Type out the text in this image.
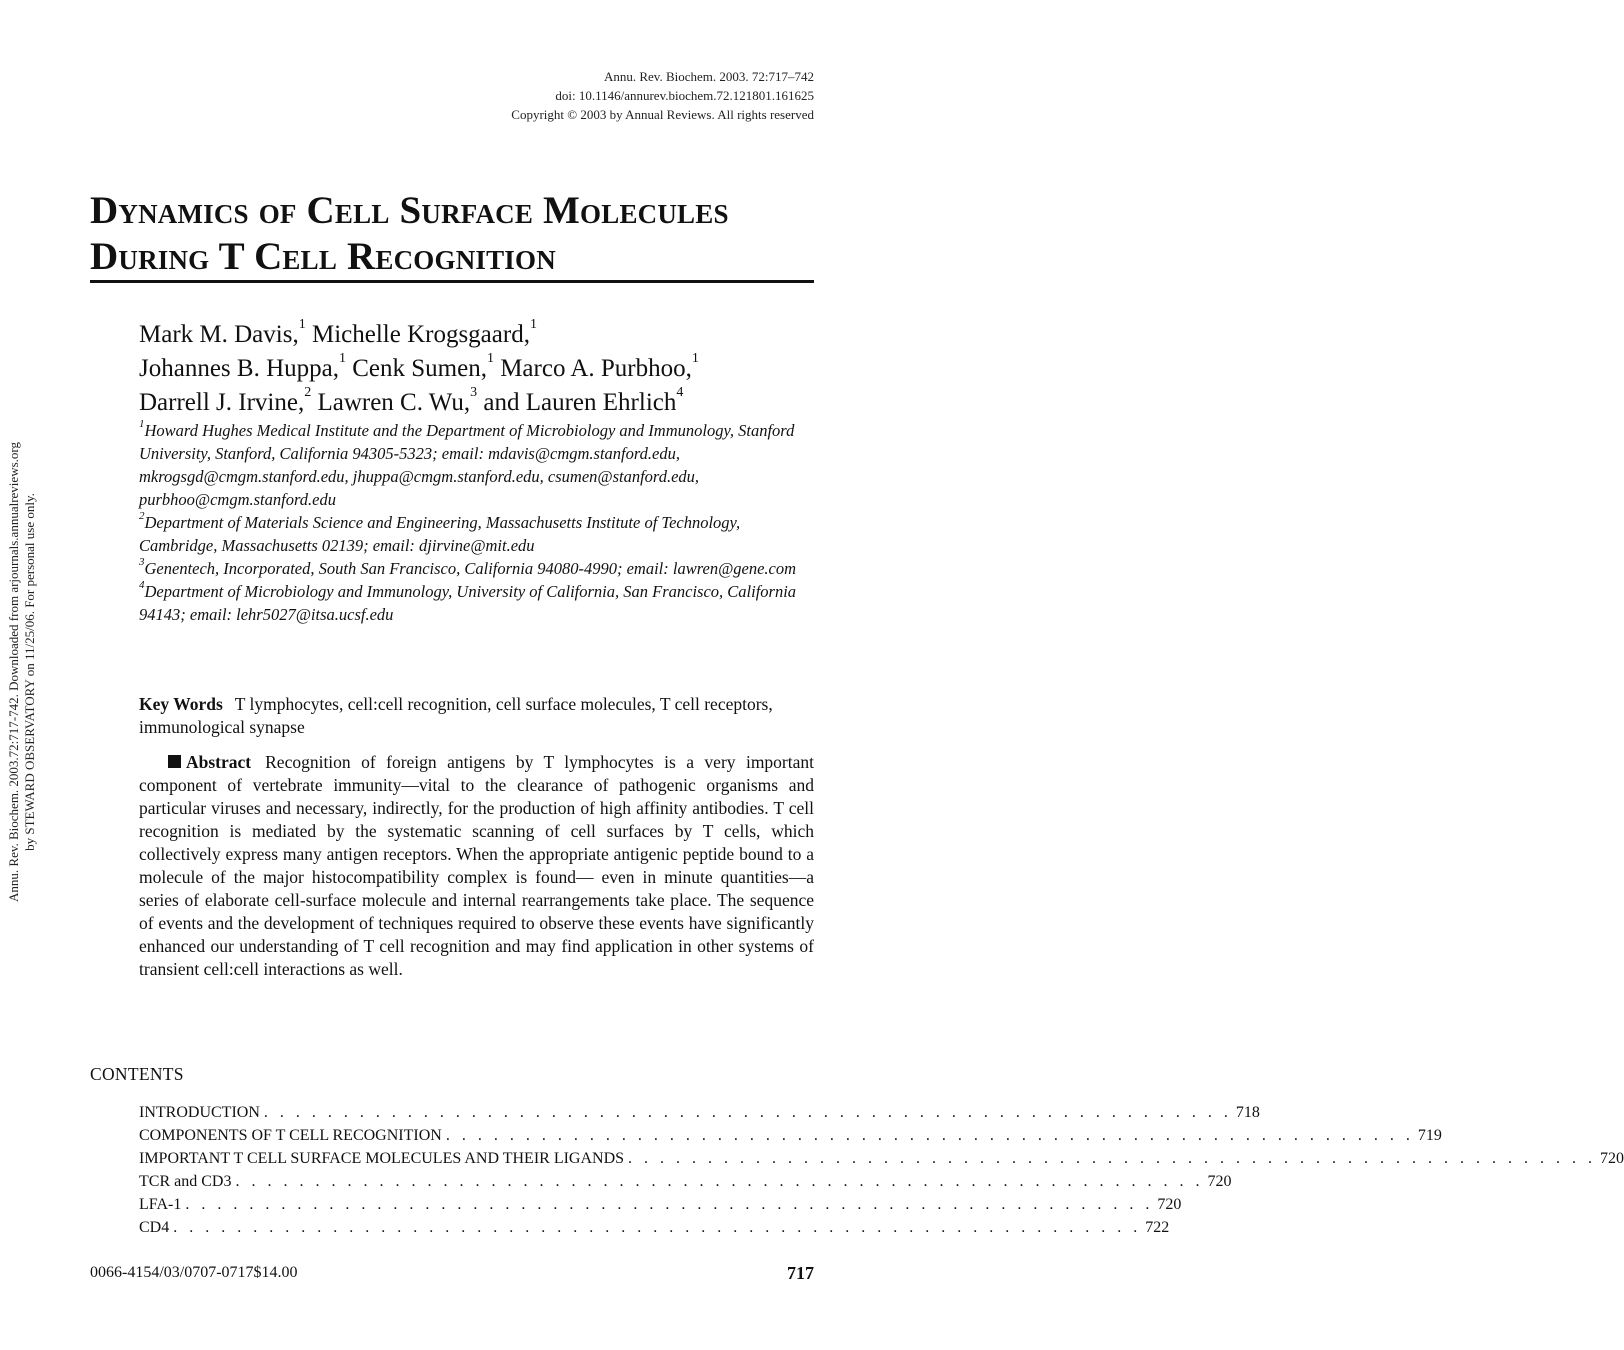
Annu. Rev. Biochem. 2003. 72:717–742
doi: 10.1146/annurev.biochem.72.121801.161625
Copyright © 2003 by Annual Reviews. All rights reserved
Annu. Rev. Biochem. 2003.72:717-742. Downloaded from arjournals.annualreviews.org by STEWARD OBSERVATORY on 11/25/06. For personal use only.
Dynamics of Cell Surface Molecules
During T Cell Recognition
Mark M. Davis,$^1$ Michelle Krogsgaard,$^1$
Johannes B. Huppa,$^1$ Cenk Sumen,$^1$ Marco A. Purbhoo,$^1$
Darrell J. Irvine,$^2$ Lawren C. Wu,$^3$ and Lauren Ehrlich$^4$

$^1$Howard Hughes Medical Institute and the Department of Microbiology and Immunology, Stanford University, Stanford, California 94305-5323; email: mdavis@cmgm.stanford.edu, mkrogsgd@cmgm.stanford.edu, jhuppa@cmgm.stanford.edu, csumen@stanford.edu, purbhoo@cmgm.stanford.edu

$^2$Department of Materials Science and Engineering, Massachusetts Institute of Technology, Cambridge, Massachusetts 02139; email: djirvine@mit.edu

$^3$Genentech, Incorporated, South San Francisco, California 94080-4990; email: lawren@gene.com

$^4$Department of Microbiology and Immunology, University of California, San Francisco, California 94143; email: lehr5027@itsa.ucsf.edu

Key Words T lymphocytes, cell:cell recognition, cell surface molecules, T cell receptors, immunological synapse

Abstract Recognition of foreign antigens by T lymphocytes is a very important component of vertebrate immunity—vital to the clearance of pathogenic organisms and particular viruses and necessary, indirectly, for the production of high affinity antibodies. T cell recognition is mediated by the systematic scanning of cell surfaces by T cells, which collectively express many antigen receptors. When the appropriate antigenic peptide bound to a molecule of the major histocompatibility complex is found— even in minute quantities—a series of elaborate cell-surface molecule and internal rearrangements take place. The sequence of events and the development of techniques required to observe these events have significantly enhanced our understanding of T cell recognition and may find application in other systems of transient cell:cell interactions as well.

CONTENTS
INTRODUCTION . . . . . . . . . . . . . . . . . . . . . . . . . . . . . . . . . . . . . . . . . . . . . . . . . . . . . . . . . . . . . 718
COMPONENTS OF T CELL RECOGNITION . . . . . . . . . . . . . . . . . . . . . . . . . . . . . . . . . . . . . . . . . . . . . . . . . . . . . . . . . . . . . 719
IMPORTANT T CELL SURFACE MOLECULES AND THEIR LIGANDS . . . . . . . . . . . . . . . . . . . . . . . . . . . . . . . . . . . . . . . . . . . . . . . . . . . . . . . . . . . . . 720
TCR and CD3 . . . . . . . . . . . . . . . . . . . . . . . . . . . . . . . . . . . . . . . . . . . . . . . . . . . . . . . . . . . . . 720
LFA-1 . . . . . . . . . . . . . . . . . . . . . . . . . . . . . . . . . . . . . . . . . . . . . . . . . . . . . . . . . . . . . 720
CD4 . . . . . . . . . . . . . . . . . . . . . . . . . . . . . . . . . . . . . . . . . . . . . . . . . . . . . . . . . . . . . 722
0066-4154/03/0707-0717$14.00	717
